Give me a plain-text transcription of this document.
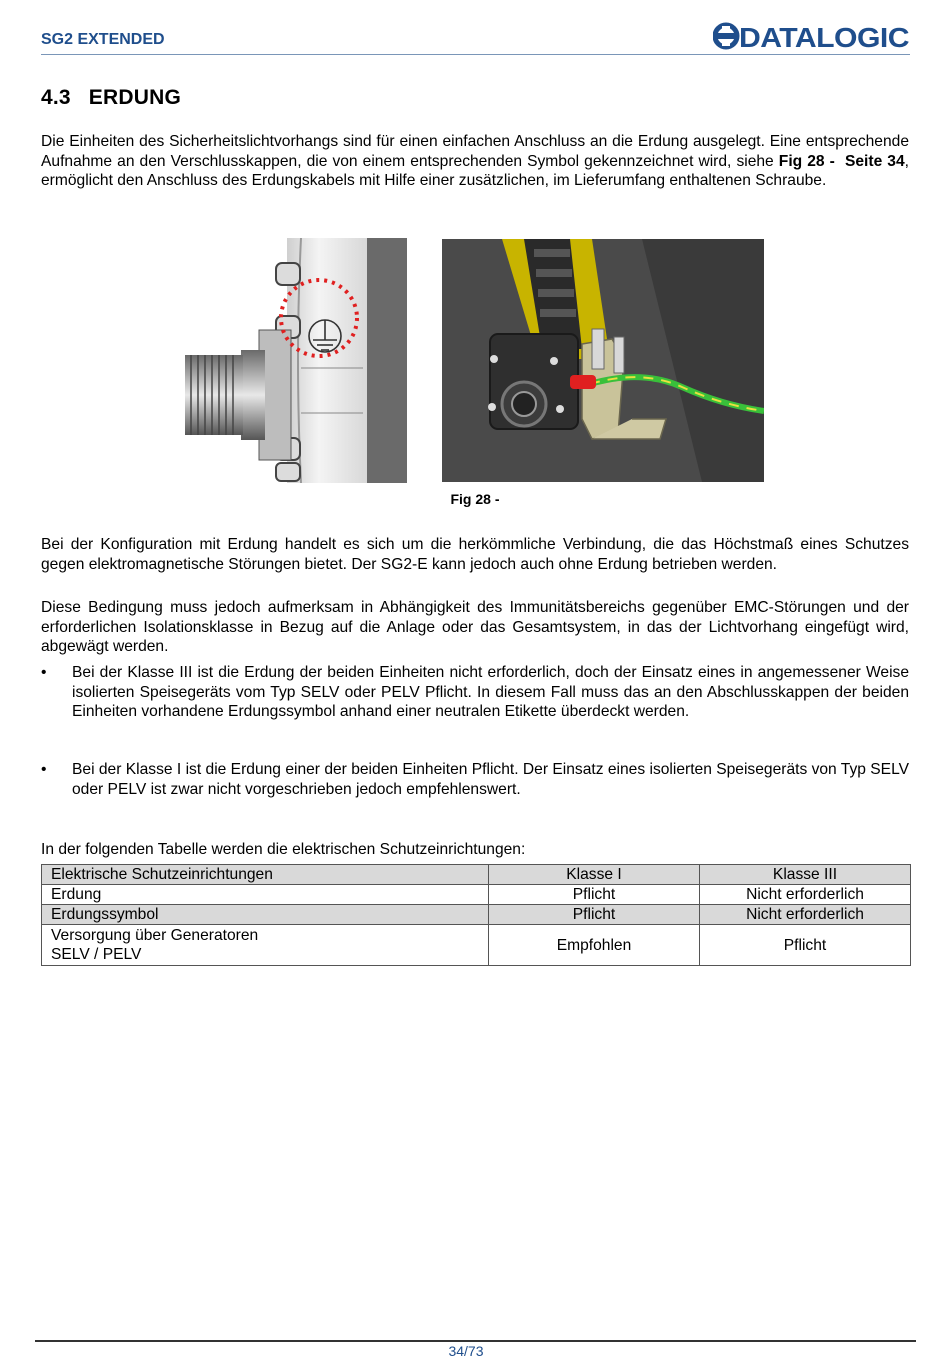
SG2 EXTENDED	DATALOGIC
4.3 ERDUNG
Die Einheiten des Sicherheitslichtvorhangs sind für einen einfachen Anschluss an die Erdung ausgelegt. Eine entsprechende Aufnahme an den Verschlusskappen, die von einem entsprechenden Symbol gekennzeichnet wird, siehe Fig 28 - Seite 34, ermöglicht den Anschluss des Erdungskabels mit Hilfe einer zusätzlichen, im Lieferumfang enthaltenen Schraube.
Fig 28 -
Bei der Konfiguration mit Erdung handelt es sich um die herkömmliche Verbindung, die das Höchstmaß eines Schutzes gegen elektromagnetische Störungen bietet. Der SG2-E kann jedoch auch ohne Erdung betrieben werden.
Diese Bedingung muss jedoch aufmerksam in Abhängigkeit des Immunitätsbereichs gegenüber EMC-Störungen und der erforderlichen Isolationsklasse in Bezug auf die Anlage oder das Gesamtsystem, in das der Lichtvorhang eingefügt wird, abgewägt werden.
•	Bei der Klasse III ist die Erdung der beiden Einheiten nicht erforderlich, doch der Einsatz eines in angemessener Weise isolierten Speisegeräts vom Typ SELV oder PELV Pflicht. In diesem Fall muss das an den Abschlusskappen der beiden Einheiten vorhandene Erdungssymbol anhand einer neutralen Etikette überdeckt werden.
•	Bei der Klasse I ist die Erdung einer der beiden Einheiten Pflicht. Der Einsatz eines isolierten Speisegeräts von Typ SELV oder PELV ist zwar nicht vorgeschrieben jedoch empfehlenswert.
In der folgenden Tabelle werden die elektrischen Schutzeinrichtungen:
Elektrische Schutzeinrichtungen	Klasse I	Klasse III
Erdung	Pflicht	Nicht erforderlich
Erdungssymbol	Pflicht	Nicht erforderlich
Versorgung über Generatoren
SELV / PELV	Empfohlen	Pflicht
34/73
